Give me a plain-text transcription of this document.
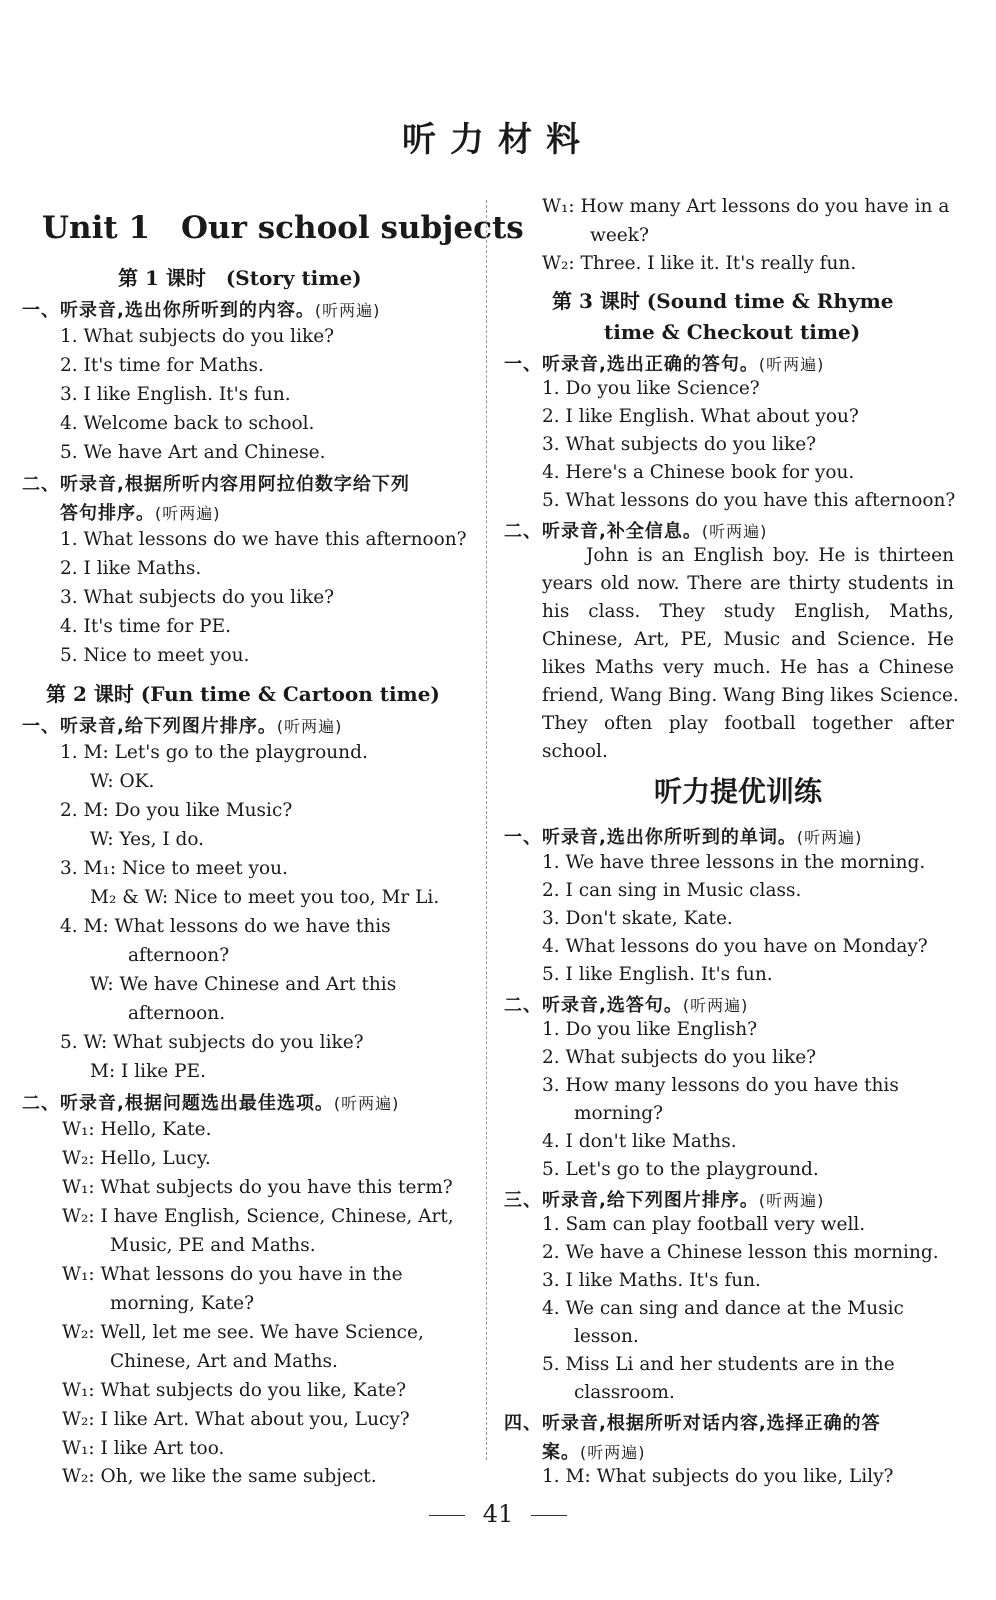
听力材料
Unit 1　Our school subjects
听力提优训练
第 1 课时　(Story time)
一、听录音,选出你所听到的内容。(听两遍)
1. What subjects do you like?
2. It's time for Maths.
3. I like English. It's fun.
4. Welcome back to school.
5. We have Art and Chinese.
二、听录音,根据所听内容用阿拉伯数字给下列
答句排序。(听两遍)
1. What lessons do we have this afternoon?
2. I like Maths.
3. What subjects do you like?
4. It's time for PE.
5. Nice to meet you.
第 2 课时 (Fun time & Cartoon time)
一、听录音,给下列图片排序。(听两遍)
1. M: Let's go to the playground.
W: OK.
2. M: Do you like Music?
W: Yes, I do.
3. M₁: Nice to meet you.
M₂ & W: Nice to meet you too, Mr Li.
4. M: What lessons do we have this
afternoon?
W: We have Chinese and Art this
afternoon.
5. W: What subjects do you like?
M: I like PE.
二、听录音,根据问题选出最佳选项。(听两遍)
W₁: Hello, Kate.
W₂: Hello, Lucy.
W₁: What subjects do you have this term?
W₂: I have English, Science, Chinese, Art,
Music, PE and Maths.
W₁: What lessons do you have in the
morning, Kate?
W₂: Well, let me see. We have Science,
Chinese, Art and Maths.
W₁: What subjects do you like, Kate?
W₂: I like Art. What about you, Lucy?
W₁: I like Art too.
W₂: Oh, we like the same subject.
W₁: How many Art lessons do you have in a
week?
W₂: Three. I like it. It's really fun.
第 3 课时 (Sound time & Rhyme
time & Checkout time)
一、听录音,选出正确的答句。(听两遍)
1. Do you like Science?
2. I like English. What about you?
3. What subjects do you like?
4. Here's a Chinese book for you.
5. What lessons do you have this afternoon?
二、听录音,补全信息。(听两遍)
John is an English boy. He is thirteen
years old now. There are thirty students in
his class. They study English, Maths,
Chinese, Art, PE, Music and Science. He
likes Maths very much. He has a Chinese
friend, Wang Bing. Wang Bing likes Science.
They often play football together after
school.
一、听录音,选出你所听到的单词。(听两遍)
1. We have three lessons in the morning.
2. I can sing in Music class.
3. Don't skate, Kate.
4. What lessons do you have on Monday?
5. I like English. It's fun.
二、听录音,选答句。(听两遍)
1. Do you like English?
2. What subjects do you like?
3. How many lessons do you have this
morning?
4. I don't like Maths.
5. Let's go to the playground.
三、听录音,给下列图片排序。(听两遍)
1. Sam can play football very well.
2. We have a Chinese lesson this morning.
3. I like Maths. It's fun.
4. We can sing and dance at the Music
lesson.
5. Miss Li and her students are in the
classroom.
四、听录音,根据所听对话内容,选择正确的答
案。(听两遍)
1. M: What subjects do you like, Lily?
41
